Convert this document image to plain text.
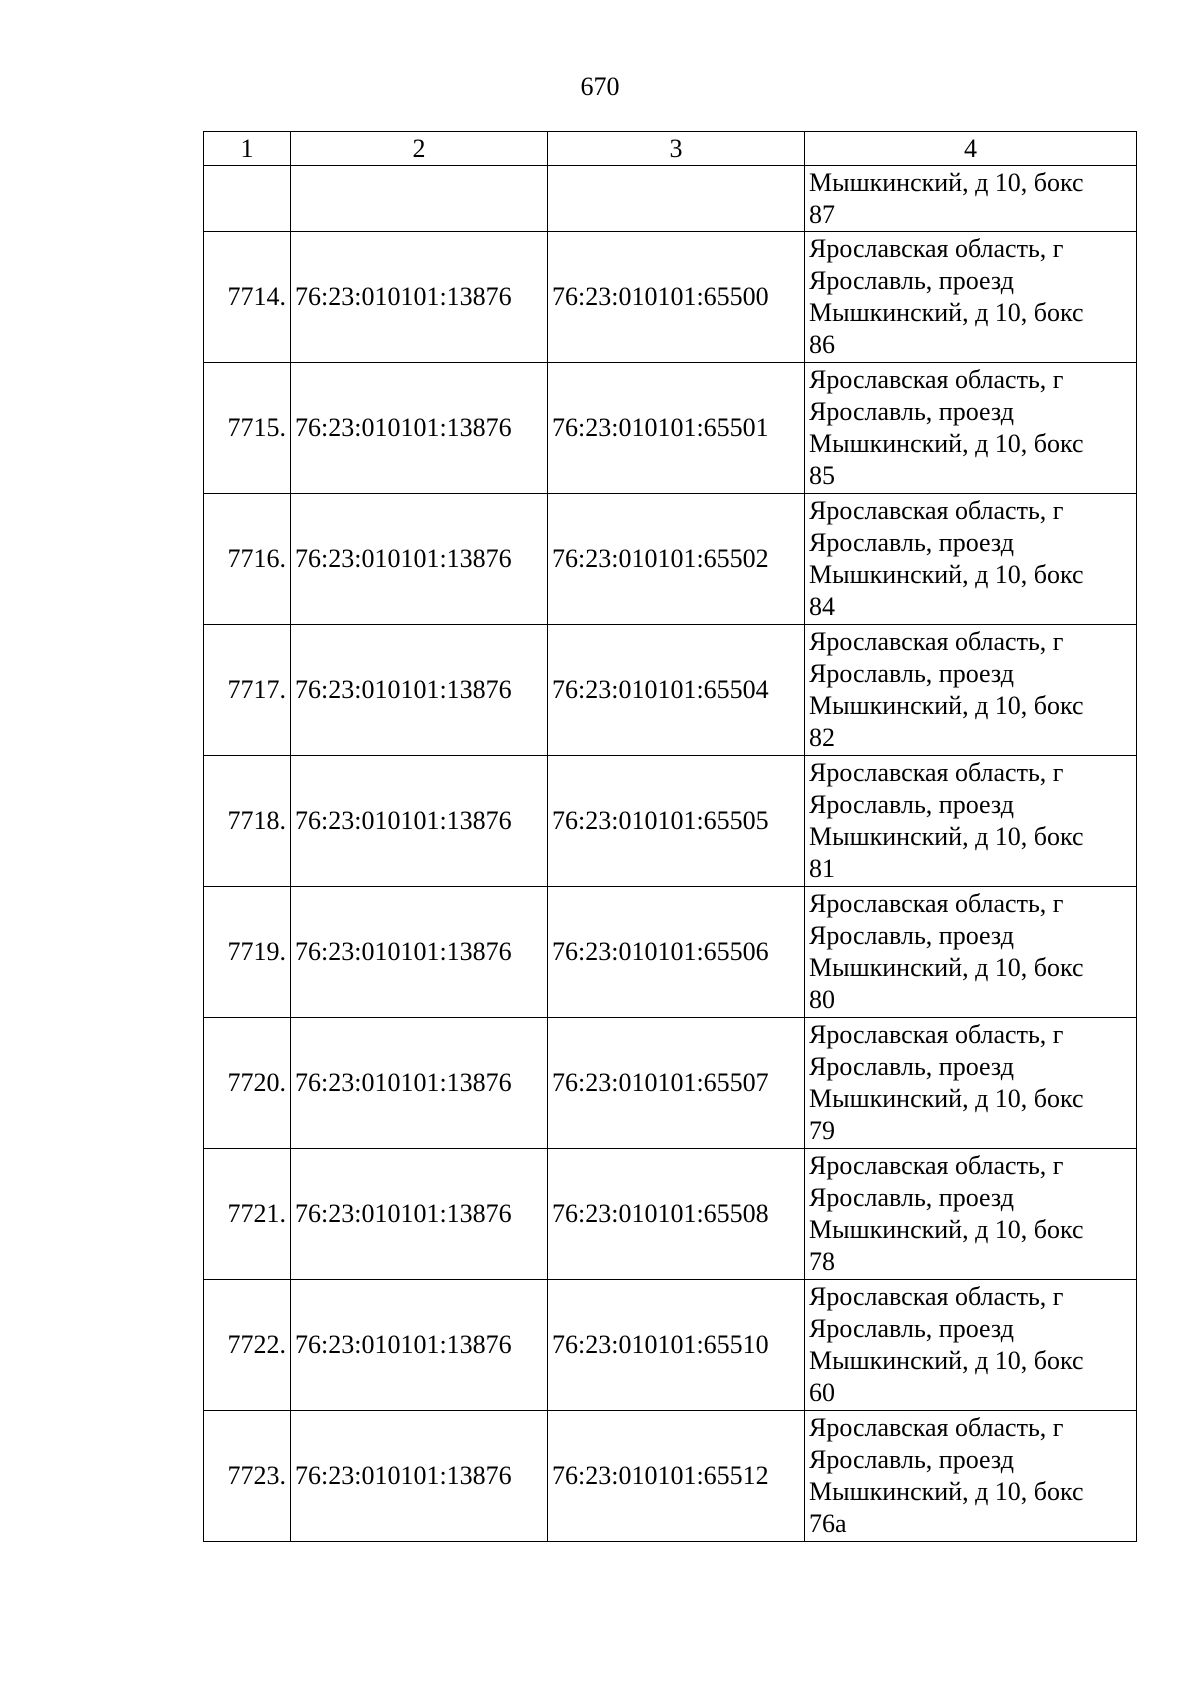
670
1	2	3	4

			Мышкинский, д 10, бокс
87

7714.	76:23:010101:13876	76:23:010101:65500	Ярославская область, г
Ярославль, проезд
Мышкинский, д 10, бокс
86

7715.	76:23:010101:13876	76:23:010101:65501	Ярославская область, г
Ярославль, проезд
Мышкинский, д 10, бокс
85

7716.	76:23:010101:13876	76:23:010101:65502	Ярославская область, г
Ярославль, проезд
Мышкинский, д 10, бокс
84

7717.	76:23:010101:13876	76:23:010101:65504	Ярославская область, г
Ярославль, проезд
Мышкинский, д 10, бокс
82

7718.	76:23:010101:13876	76:23:010101:65505	Ярославская область, г
Ярославль, проезд
Мышкинский, д 10, бокс
81

7719.	76:23:010101:13876	76:23:010101:65506	Ярославская область, г
Ярославль, проезд
Мышкинский, д 10, бокс
80

7720.	76:23:010101:13876	76:23:010101:65507	Ярославская область, г
Ярославль, проезд
Мышкинский, д 10, бокс
79

7721.	76:23:010101:13876	76:23:010101:65508	Ярославская область, г
Ярославль, проезд
Мышкинский, д 10, бокс
78

7722.	76:23:010101:13876	76:23:010101:65510	Ярославская область, г
Ярославль, проезд
Мышкинский, д 10, бокс
60

7723.	76:23:010101:13876	76:23:010101:65512	Ярославская область, г
Ярославль, проезд
Мышкинский, д 10, бокс
76а
